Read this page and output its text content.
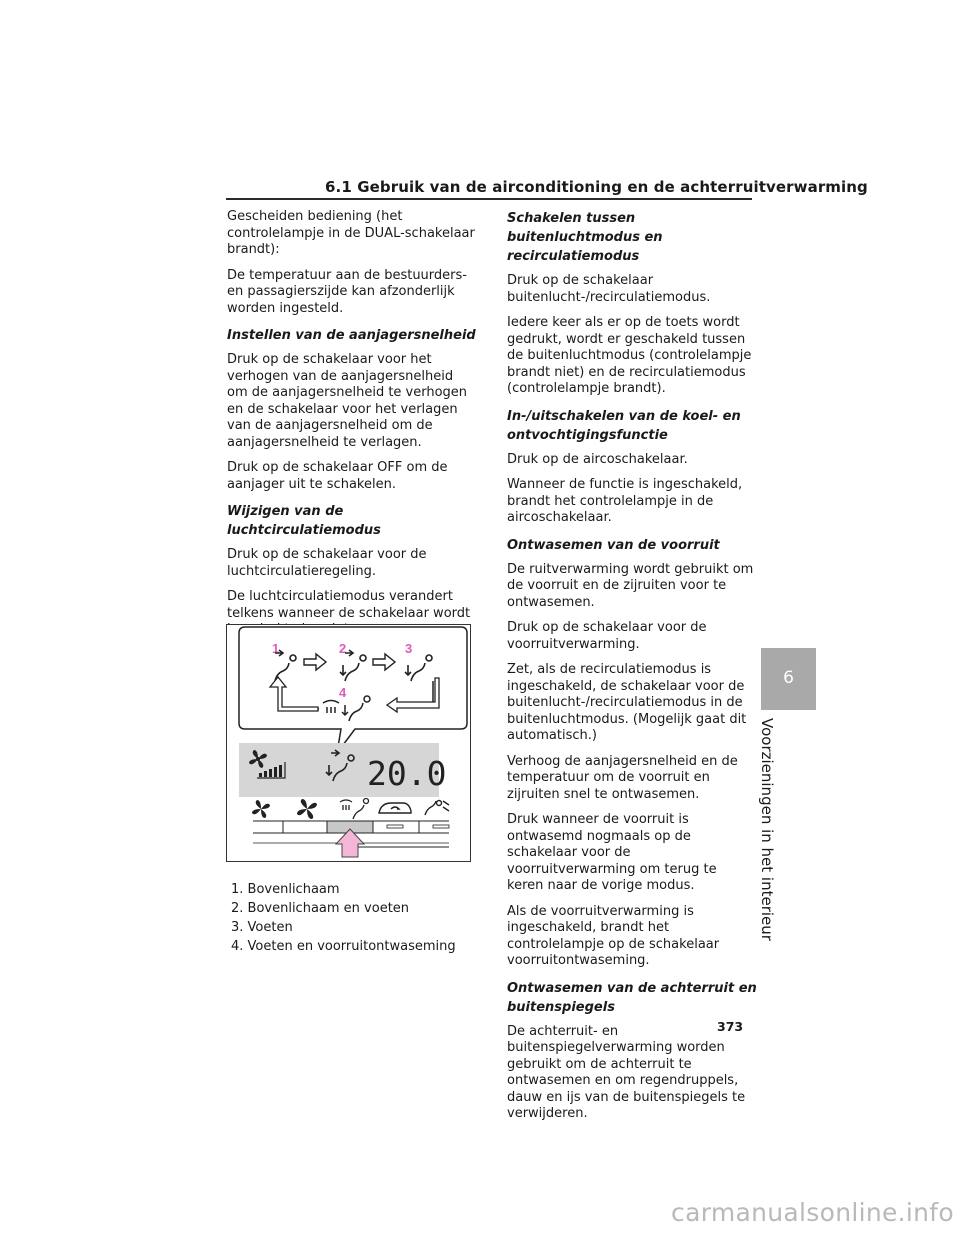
6.1 Gebruik van de airconditioning en de achterruitverwarming

Gescheiden bediening (het controlelampje in de DUAL-schakelaar brandt):

De temperatuur aan de bestuurders- en passagierszijde kan afzonderlijk worden ingesteld.

Instellen van de aanjagersnelheid

Druk op de schakelaar voor het verhogen van de aanjagersnelheid om de aanjagersnelheid te verhogen en de schakelaar voor het verlagen van de aanjagersnelheid om de aanjagersnelheid te verlagen.

Druk op de schakelaar OFF om de aanjager uit te schakelen.

Wijzigen van de luchtcirculatiemodus

Druk op de schakelaar voor de luchtcirculatieregeling.

De luchtcirculatiemodus verandert telkens wanneer de schakelaar wordt

1	2	3
4
20.0
1. Bovenlichaam
2. Bovenlichaam en voeten
3. Voeten
4. Voeten en voorruitontwaseming

Schakelen tussen buitenluchtmodus en recirculatiemodus

Druk op de schakelaar buitenlucht-/recirculatiemodus.

Iedere keer als er op de toets wordt gedrukt, wordt er geschakeld tussen de buitenluchtmodus (controlelampje brandt niet) en de recirculatiemodus (controlelampje brandt).

In-/uitschakelen van de koel- en ontvochtigingsfunctie

Druk op de aircoschakelaar.

Wanneer de functie is ingeschakeld, brandt het controlelampje in de aircoschakelaar.

Ontwasemen van de voorruit

De ruitverwarming wordt gebruikt om de voorruit en de zijruiten voor te ontwasemen.

Druk op de schakelaar voor de voorruitverwarming.

Zet, als de recirculatiemodus is ingeschakeld, de schakelaar voor de buitenlucht-/recirculatiemodus in de buitenluchtmodus. (Mogelijk gaat dit automatisch.)

Verhoog de aanjagersnelheid en de temperatuur om de voorruit en zijruiten snel te ontwasemen.

Druk wanneer de voorruit is ontwasemd nogmaals op de schakelaar voor de voorruitverwarming om terug te keren naar de vorige modus.

Als de voorruitverwarming is ingeschakeld, brandt het controlelampje op de schakelaar voorruitontwaseming.

Ontwasemen van de achterruit en buitenspiegels

De achterruit- en buitenspiegelverwarming worden gebruikt om de achterruit te ontwasemen en om regendruppels, dauw en ijs van de buitenspiegels te verwijderen.

6
Voorzieningen in het interieur
373
carmanualsonline.info
